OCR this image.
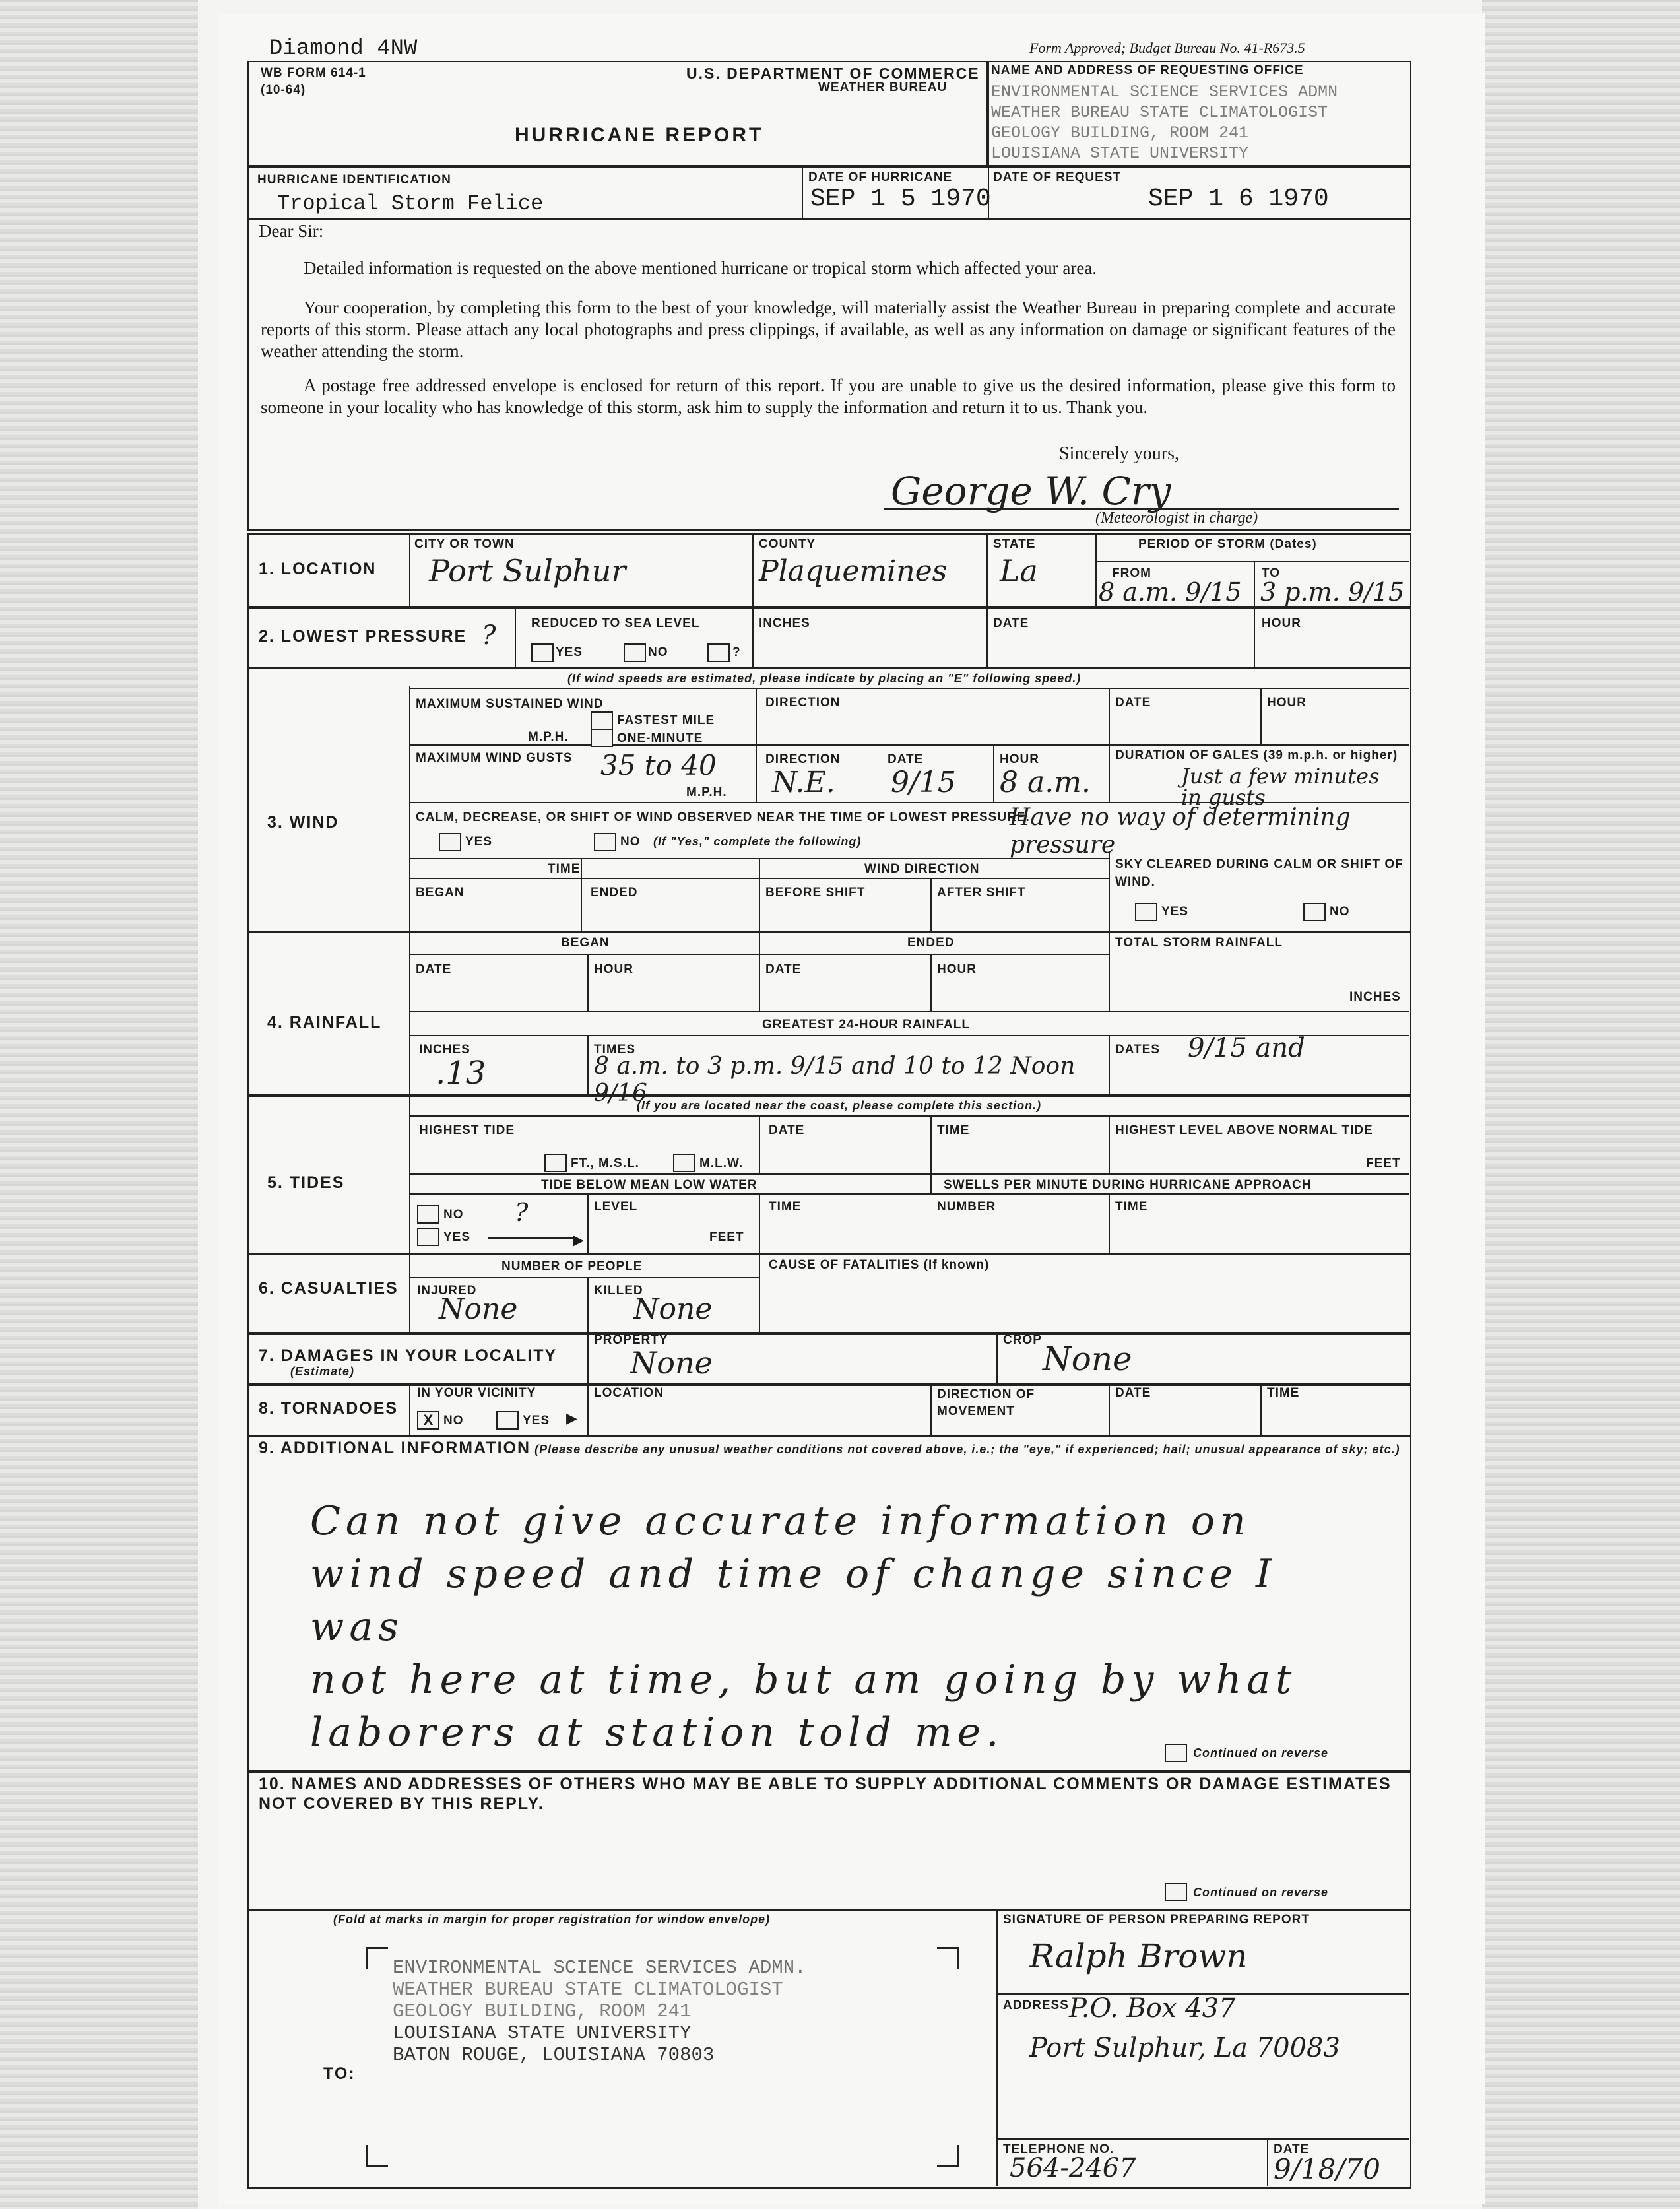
Diamond 4NW	Form Approved; Budget Bureau No. 41-R673.5
WB FORM 614-1
(10-64)
U.S. DEPARTMENT OF COMMERCE
WEATHER BUREAU
HURRICANE REPORT
NAME AND ADDRESS OF REQUESTING OFFICE
ENVIRONMENTAL SCIENCE SERVICES ADMN
WEATHER BUREAU STATE CLIMATOLOGIST
GEOLOGY BUILDING, ROOM 241
LOUISIANA STATE UNIVERSITY
HURRICANE IDENTIFICATION
Tropical Storm Felice
DATE OF HURRICANE
SEP 1 5 1970
DATE OF REQUEST
SEP 1 6 1970
Dear Sir:
Detailed information is requested on the above mentioned hurricane or tropical storm which affected your area.
Your cooperation, by completing this form to the best of your knowledge, will materially assist the Weather Bureau in preparing complete and accurate reports of this storm. Please attach any local photographs and press clippings, if available, as well as any information on damage or significant features of the weather attending the storm.
A postage free addressed envelope is enclosed for return of this report. If you are unable to give us the desired information, please give this form to someone in your locality who has knowledge of this storm, ask him to supply the information and return it to us. Thank you.
Sincerely yours,
George W. Cry
(Meteorologist in charge)
1. LOCATION
CITY OR TOWN
Port Sulphur
COUNTY
Plaquemines
STATE
La
PERIOD OF STORM (Dates)
FROM
8 a.m. 9/15
TO
3 p.m. 9/15
2. LOWEST PRESSURE ?	REDUCED TO SEA LEVEL
YES	NO	?
INCHES	DATE	HOUR
(If wind speeds are estimated, please indicate by placing an "E" following speed.)
3. WIND
MAXIMUM SUSTAINED WIND
FASTEST MILE
M.P.H.	ONE-MINUTE
DIRECTION	DATE	HOUR
MAXIMUM WIND GUSTS 35 to 40
M.P.H.
DIRECTION
N.E.
DATE
9/15
HOUR
8 a.m.
DURATION OF GALES (39 m.p.h. or higher)
Just a few minutes in gusts
CALM, DECREASE, OR SHIFT OF WIND OBSERVED NEAR THE TIME OF LOWEST PRESSURE.
Have no way of determining pressure
YES	NO (If "Yes," complete the following)
TIME	WIND DIRECTION
BEGAN	ENDED	BEFORE SHIFT	AFTER SHIFT
SKY CLEARED DURING CALM OR SHIFT OF WIND.
YES	NO
4. RAINFALL
BEGAN	ENDED
DATE	HOUR	DATE	HOUR
TOTAL STORM RAINFALL
INCHES
GREATEST 24-HOUR RAINFALL
INCHES
.13
TIMES
8 a.m. to 3 p.m. 9/15 and 10 to 12 Noon 9/16
DATES 9/15 and
(If you are located near the coast, please complete this section.)
5. TIDES
HIGHEST TIDE
FT., M.S.L.	M.L.W.
DATE	TIME	HIGHEST LEVEL ABOVE NORMAL TIDE
FEET
TIDE BELOW MEAN LOW WATER	SWELLS PER MINUTE DURING HURRICANE APPROACH
NO ?
YES	▶
LEVEL
FEET
TIME	NUMBER	TIME
6. CASUALTIES
NUMBER OF PEOPLE
INJURED
None
KILLED
None
CAUSE OF FATALITIES (If known)
7. DAMAGES IN YOUR LOCALITY
(Estimate)
PROPERTY
None
CROP None
8. TORNADOES
IN YOUR VICINITY
X NO	YES ▶
LOCATION	DIRECTION OF MOVEMENT
DATE	TIME
9. ADDITIONAL INFORMATION (Please describe any unusual weather conditions not covered above, i.e.; the "eye," if experienced; hail; unusual appearance of sky; etc.)
Can not give accurate information on
wind speed and time of change since I was
not here at time, but am going by what
laborers at station told me.	Continued on reverse
10. NAMES AND ADDRESSES OF OTHERS WHO MAY BE ABLE TO SUPPLY ADDITIONAL COMMENTS OR DAMAGE ESTIMATES NOT COVERED BY THIS REPLY.
Continued on reverse
(Fold at marks in margin for proper registration for window envelope)
TO:
ENVIRONMENTAL SCIENCE SERVICES ADMN.
WEATHER BUREAU STATE CLIMATOLOGIST
GEOLOGY BUILDING, ROOM 241
LOUISIANA STATE UNIVERSITY
BATON ROUGE, LOUISIANA 70803
SIGNATURE OF PERSON PREPARING REPORT
Ralph Brown
ADDRESS P.O. Box 437
Port Sulphur, La 70083
TELEPHONE NO.
564-2467
DATE
9/18/70
